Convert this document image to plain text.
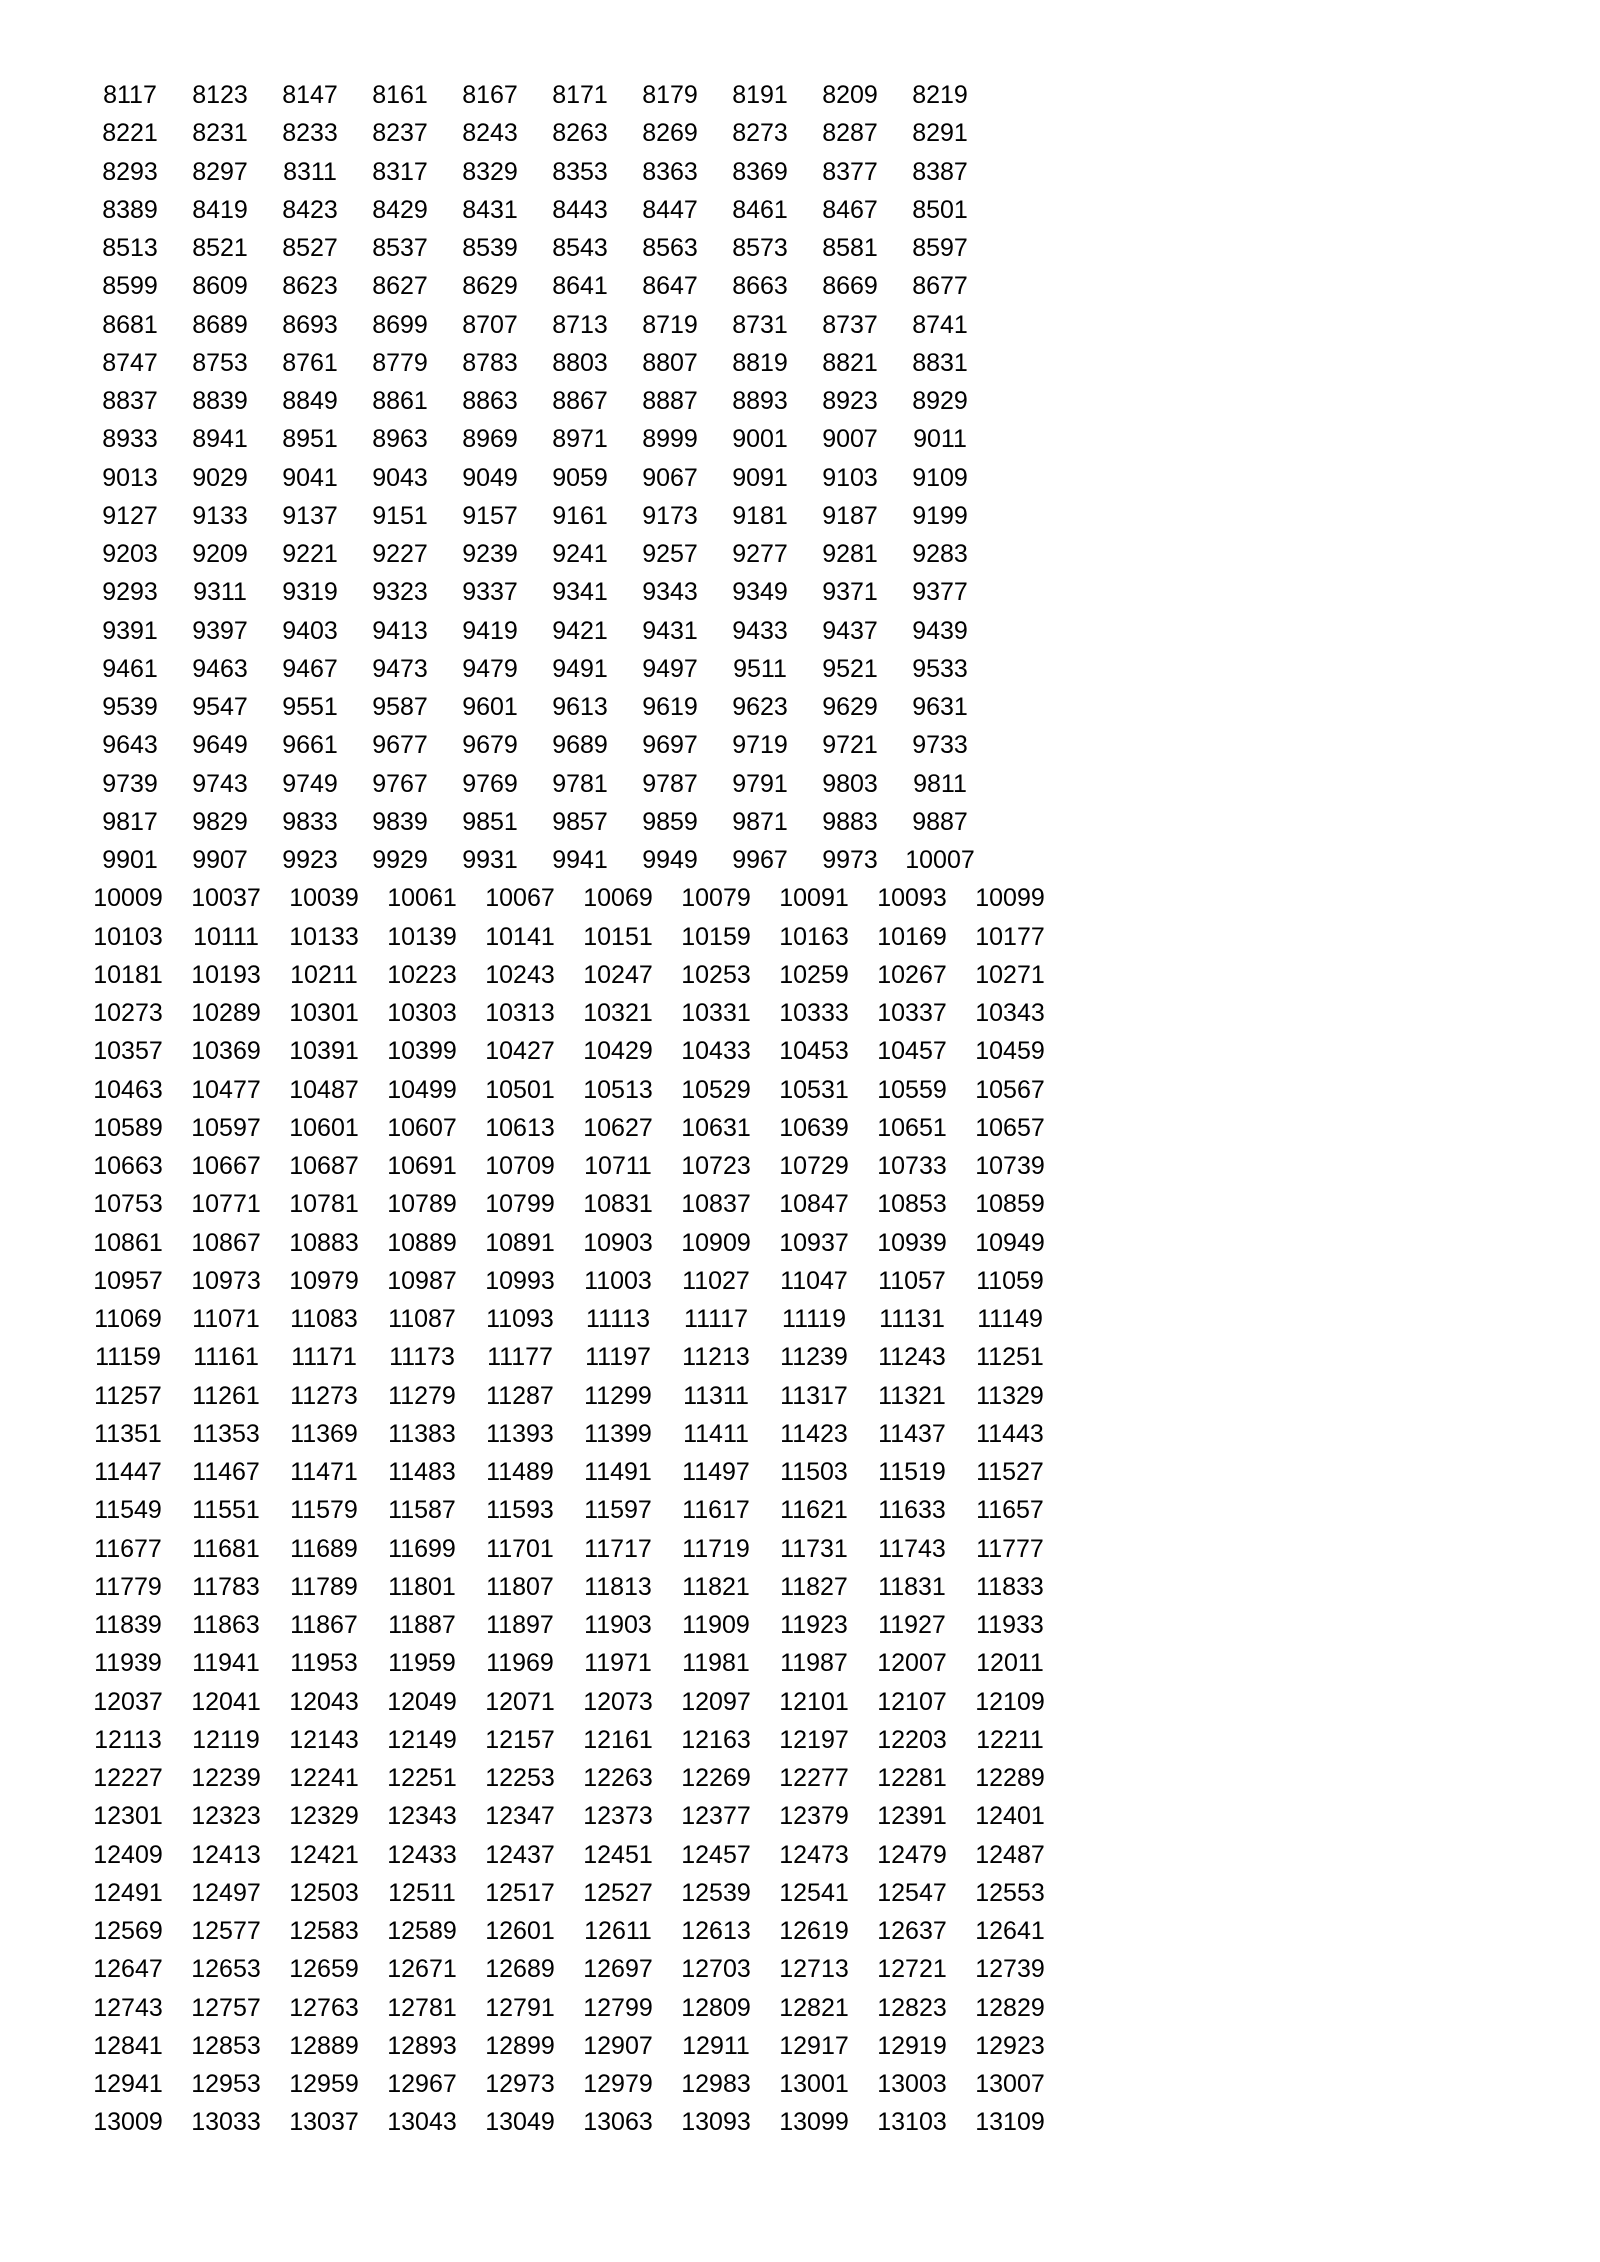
8117 8123 8147 8161 8167 8171 8179 8191 8209 8219
8221 8231 8233 8237 8243 8263 8269 8273 8287 8291
8293 8297 8311 8317 8329 8353 8363 8369 8377 8387
8389 8419 8423 8429 8431 8443 8447 8461 8467 8501
8513 8521 8527 8537 8539 8543 8563 8573 8581 8597
8599 8609 8623 8627 8629 8641 8647 8663 8669 8677
8681 8689 8693 8699 8707 8713 8719 8731 8737 8741
8747 8753 8761 8779 8783 8803 8807 8819 8821 8831
8837 8839 8849 8861 8863 8867 8887 8893 8923 8929
8933 8941 8951 8963 8969 8971 8999 9001 9007 9011
9013 9029 9041 9043 9049 9059 9067 9091 9103 9109
9127 9133 9137 9151 9157 9161 9173 9181 9187 9199
9203 9209 9221 9227 9239 9241 9257 9277 9281 9283
9293 9311 9319 9323 9337 9341 9343 9349 9371 9377
9391 9397 9403 9413 9419 9421 9431 9433 9437 9439
9461 9463 9467 9473 9479 9491 9497 9511 9521 9533
9539 9547 9551 9587 9601 9613 9619 9623 9629 9631
9643 9649 9661 9677 9679 9689 9697 9719 9721 9733
9739 9743 9749 9767 9769 9781 9787 9791 9803 9811
9817 9829 9833 9839 9851 9857 9859 9871 9883 9887
9901 9907 9923 9929 9931 9941 9949 9967 9973 10007
10009 10037 10039 10061 10067 10069 10079 10091 10093 10099
10103 10111 10133 10139 10141 10151 10159 10163 10169 10177
10181 10193 10211 10223 10243 10247 10253 10259 10267 10271
10273 10289 10301 10303 10313 10321 10331 10333 10337 10343
10357 10369 10391 10399 10427 10429 10433 10453 10457 10459
10463 10477 10487 10499 10501 10513 10529 10531 10559 10567
10589 10597 10601 10607 10613 10627 10631 10639 10651 10657
10663 10667 10687 10691 10709 10711 10723 10729 10733 10739
10753 10771 10781 10789 10799 10831 10837 10847 10853 10859
10861 10867 10883 10889 10891 10903 10909 10937 10939 10949
10957 10973 10979 10987 10993 11003 11027 11047 11057 11059
11069 11071 11083 11087 11093 11113 11117 11119 11131 11149
11159 11161 11171 11173 11177 11197 11213 11239 11243 11251
11257 11261 11273 11279 11287 11299 11311 11317 11321 11329
11351 11353 11369 11383 11393 11399 11411 11423 11437 11443
11447 11467 11471 11483 11489 11491 11497 11503 11519 11527
11549 11551 11579 11587 11593 11597 11617 11621 11633 11657
11677 11681 11689 11699 11701 11717 11719 11731 11743 11777
11779 11783 11789 11801 11807 11813 11821 11827 11831 11833
11839 11863 11867 11887 11897 11903 11909 11923 11927 11933
11939 11941 11953 11959 11969 11971 11981 11987 12007 12011
12037 12041 12043 12049 12071 12073 12097 12101 12107 12109
12113 12119 12143 12149 12157 12161 12163 12197 12203 12211
12227 12239 12241 12251 12253 12263 12269 12277 12281 12289
12301 12323 12329 12343 12347 12373 12377 12379 12391 12401
12409 12413 12421 12433 12437 12451 12457 12473 12479 12487
12491 12497 12503 12511 12517 12527 12539 12541 12547 12553
12569 12577 12583 12589 12601 12611 12613 12619 12637 12641
12647 12653 12659 12671 12689 12697 12703 12713 12721 12739
12743 12757 12763 12781 12791 12799 12809 12821 12823 12829
12841 12853 12889 12893 12899 12907 12911 12917 12919 12923
12941 12953 12959 12967 12973 12979 12983 13001 13003 13007
13009 13033 13037 13043 13049 13063 13093 13099 13103 13109
